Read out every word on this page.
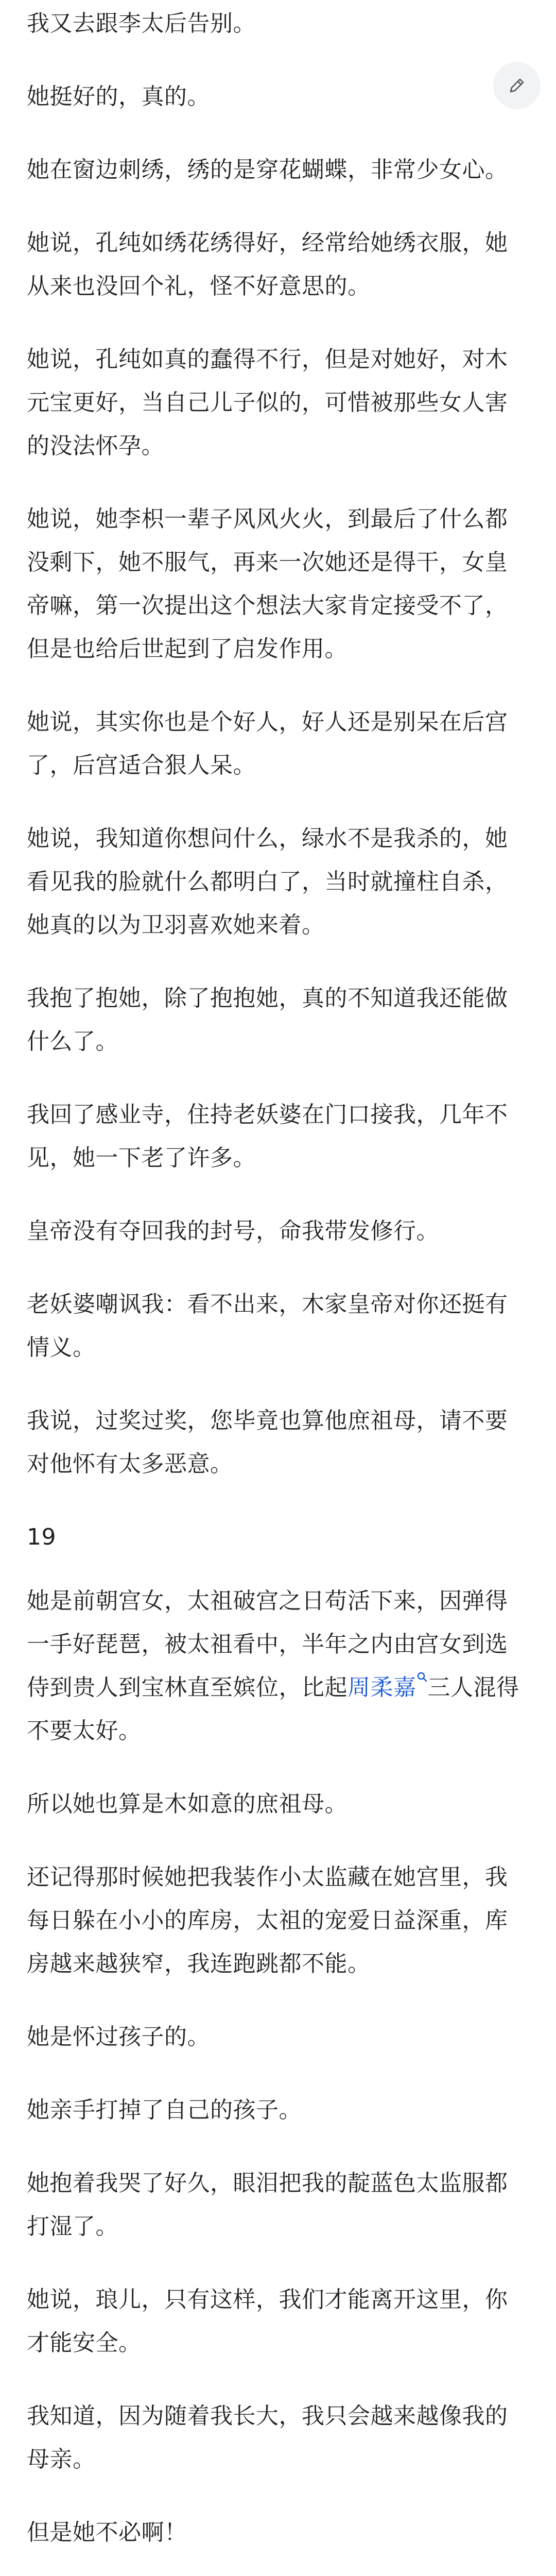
我又去跟李太后告别。

她挺好的，真的。

她在窗边刺绣，绣的是穿花蝴蝶，非常少女心。

她说，孔纯如绣花绣得好，经常给她绣衣服，她从来也没回个礼，怪不好意思的。

她说，孔纯如真的蠢得不行，但是对她好，对木元宝更好，当自己儿子似的，可惜被那些女人害的没法怀孕。

她说，她李枳一辈子风风火火，到最后了什么都没剩下，她不服气，再来一次她还是得干，女皇帝嘛，第一次提出这个想法大家肯定接受不了，但是也给后世起到了启发作用。

她说，其实你也是个好人，好人还是别呆在后宫了，后宫适合狠人呆。

她说，我知道你想问什么，绿水不是我杀的，她看见我的脸就什么都明白了，当时就撞柱自杀，她真的以为卫羽喜欢她来着。

我抱了抱她，除了抱抱她，真的不知道我还能做什么了。

我回了感业寺，住持老妖婆在门口接我，几年不见，她一下老了许多。

皇帝没有夺回我的封号，命我带发修行。

老妖婆嘲讽我：看不出来，木家皇帝对你还挺有情义。

我说，过奖过奖，您毕竟也算他庶祖母，请不要对他怀有太多恶意。

19

她是前朝宫女，太祖破宫之日苟活下来，因弹得一手好琵琶，被太祖看中，半年之内由宫女到选侍到贵人到宝林直至嫔位，比起周柔嘉 三人混得不要太好。

所以她也算是木如意的庶祖母。

还记得那时候她把我装作小太监藏在她宫里，我每日躲在小小的库房，太祖的宠爱日益深重，库房越来越狭窄，我连跑跳都不能。

她是怀过孩子的。

她亲手打掉了自己的孩子。

她抱着我哭了好久，眼泪把我的靛蓝色太监服都打湿了。

她说，琅儿，只有这样，我们才能离开这里，你才能安全。

我知道，因为随着我长大，我只会越来越像我的母亲。

但是她不必啊！
